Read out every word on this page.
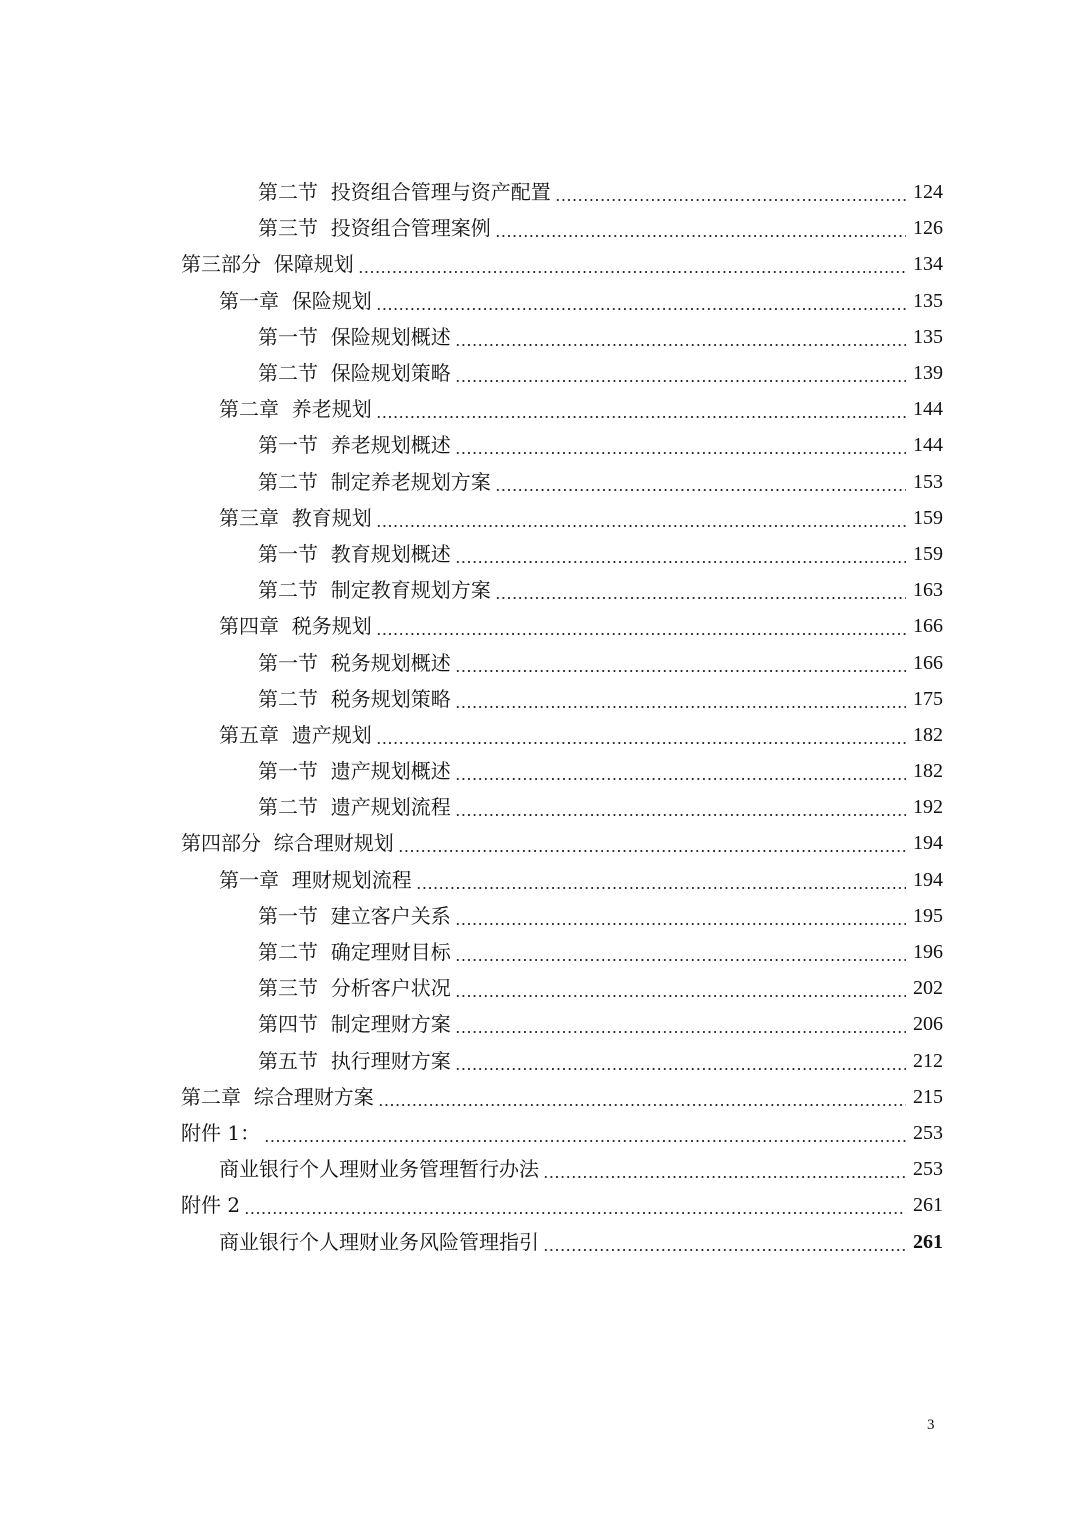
第二节  投资组合管理与资产配置	124
第三节  投资组合管理案例	126
第三部分  保障规划	134
第一章  保险规划	135
第一节  保险规划概述	135
第二节  保险规划策略	139
第二章  养老规划	144
第一节  养老规划概述	144
第二节  制定养老规划方案	153
第三章  教育规划	159
第一节  教育规划概述	159
第二节  制定教育规划方案	163
第四章  税务规划	166
第一节  税务规划概述	166
第二节  税务规划策略	175
第五章  遗产规划	182
第一节  遗产规划概述	182
第二节  遗产规划流程	192
第四部分  综合理财规划	194
第一章  理财规划流程	194
第一节  建立客户关系	195
第二节  确定理财目标	196
第三节  分析客户状况	202
第四节  制定理财方案	206
第五节  执行理财方案	212
第二章  综合理财方案	215
附件 1：	253
商业银行个人理财业务管理暂行办法	253
附件 2	261
商业银行个人理财业务风险管理指引	261
3
